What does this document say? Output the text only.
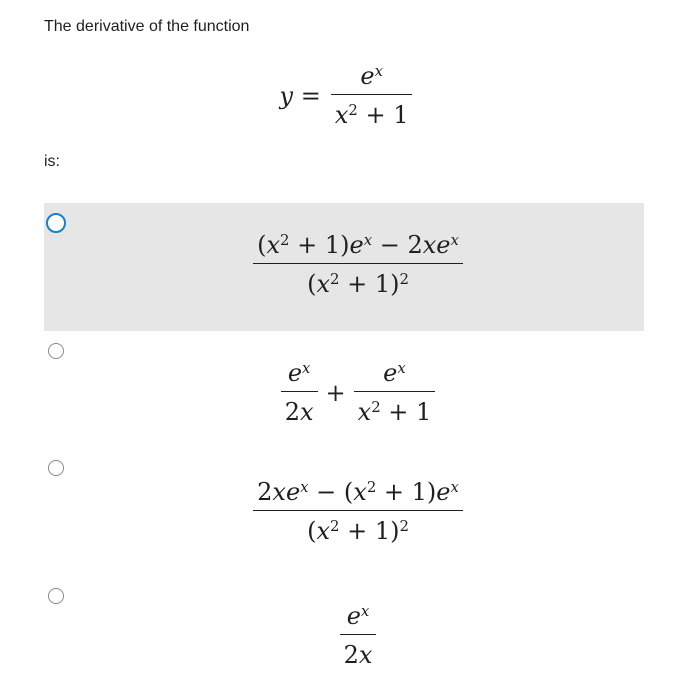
The derivative of the function
$y = \frac{e^x}{x^2 + 1}$
is:
$\frac{(x^2 + 1)e^x - 2xe^x}{(x^2 + 1)^2}$
$\frac{e^x}{2x} + \frac{e^x}{x^2 + 1}$
$\frac{2xe^x - (x^2 + 1)e^x}{(x^2 + 1)^2}$
$\frac{e^x}{2x}$
